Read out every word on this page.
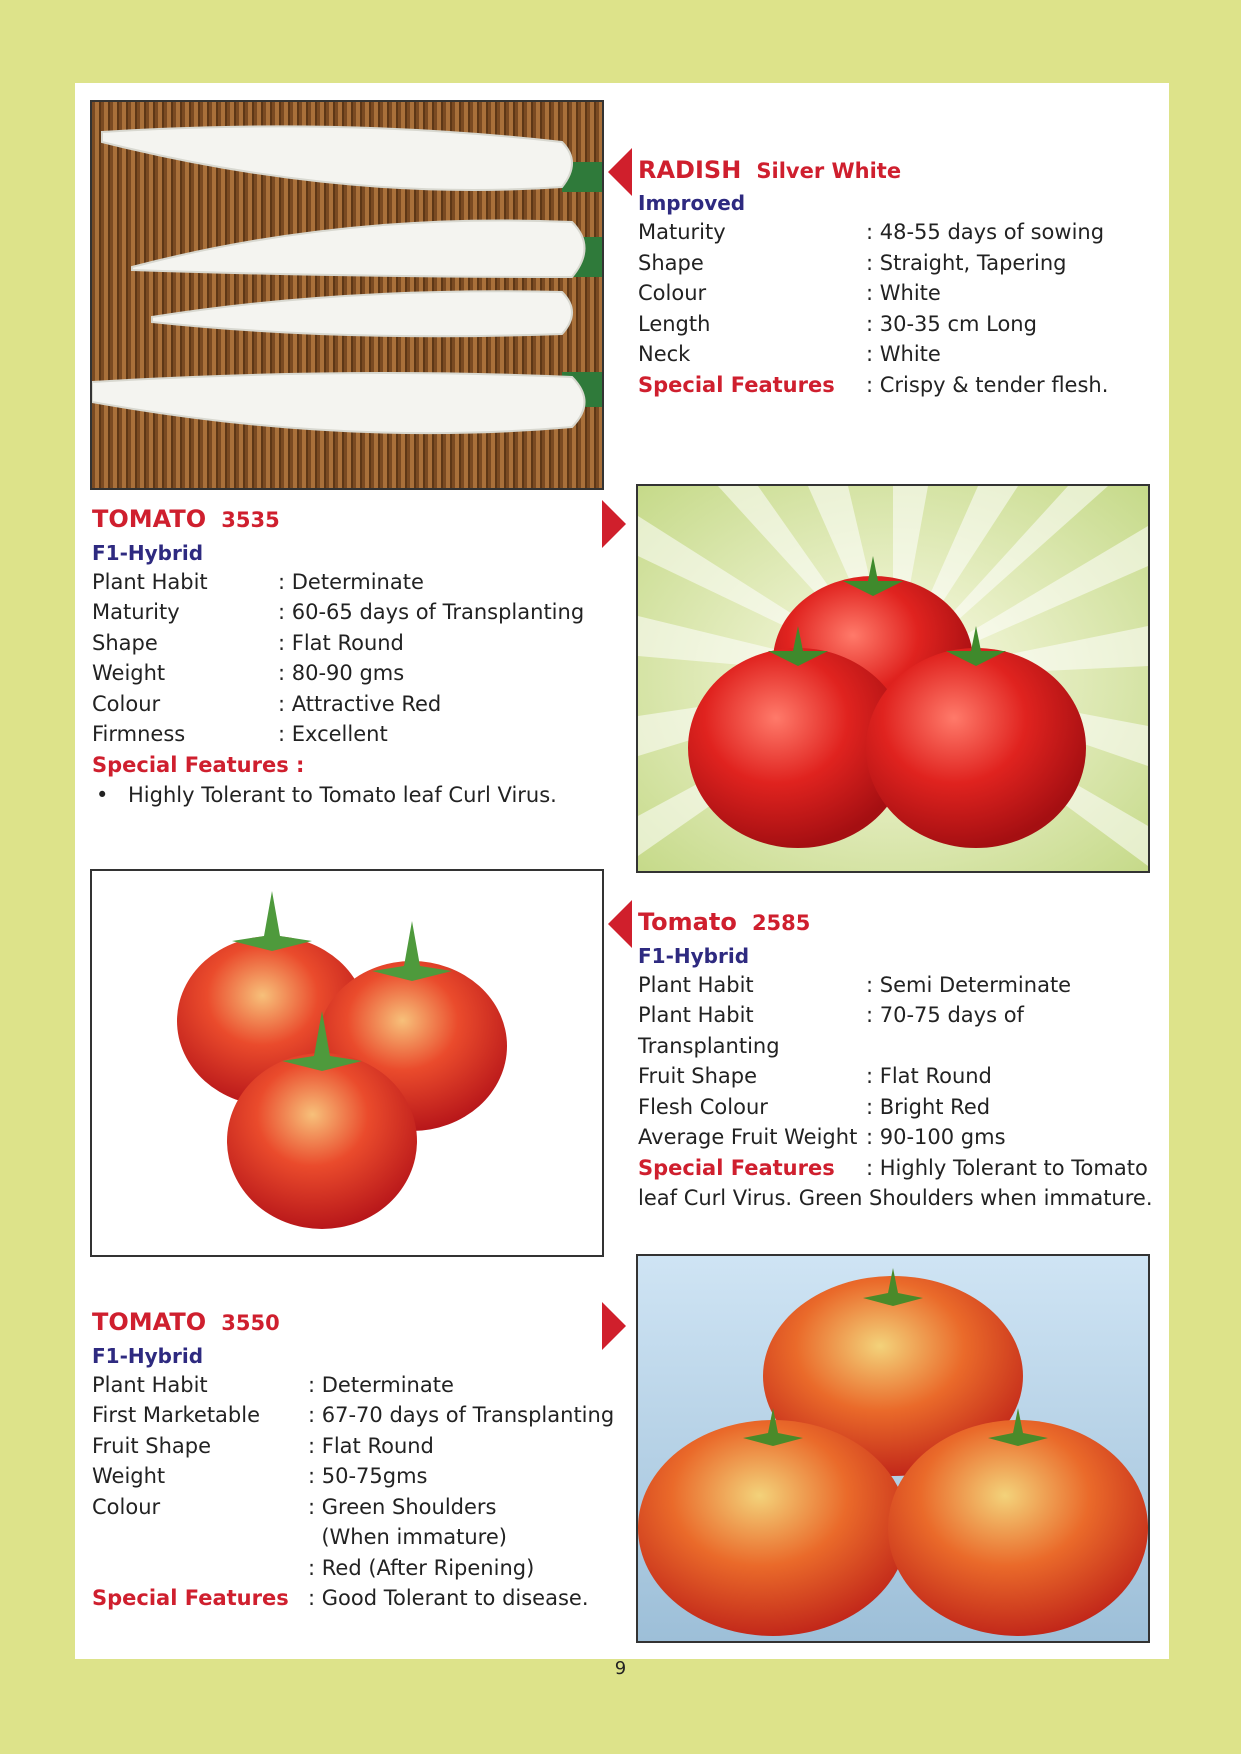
RADISH Silver White
Improved
Maturity	: 48-55 days of sowing
Shape	: Straight, Tapering
Colour	: White
Length	: 30-35 cm Long
Neck	: White
Special Features : Crispy & tender flesh.
TOMATO 3535
F1-Hybrid
Plant Habit	: Determinate
Maturity	: 60-65 days of Transplanting
Shape	: Flat Round
Weight	: 80-90 gms
Colour	: Attractive Red
Firmness	: Excellent
Special Features :
• Highly Tolerant to Tomato leaf Curl Virus.
Tomato 2585
F1-Hybrid
Plant Habit	: Semi Determinate
Plant Habit	: 70-75 days of
Transplanting
Fruit Shape	: Flat Round
Flesh Colour	: Bright Red
Average Fruit Weight : 90-100 gms
Special Features : Highly Tolerant to Tomato
leaf Curl Virus. Green Shoulders when immature.
TOMATO 3550
F1-Hybrid
Plant Habit	: Determinate
First Marketable : 67-70 days of Transplanting
Fruit Shape	: Flat Round
Weight	: 50-75gms
Colour	: Green Shoulders
(When immature)
: Red (After Ripening)
Special Features : Good Tolerant to disease.
9
